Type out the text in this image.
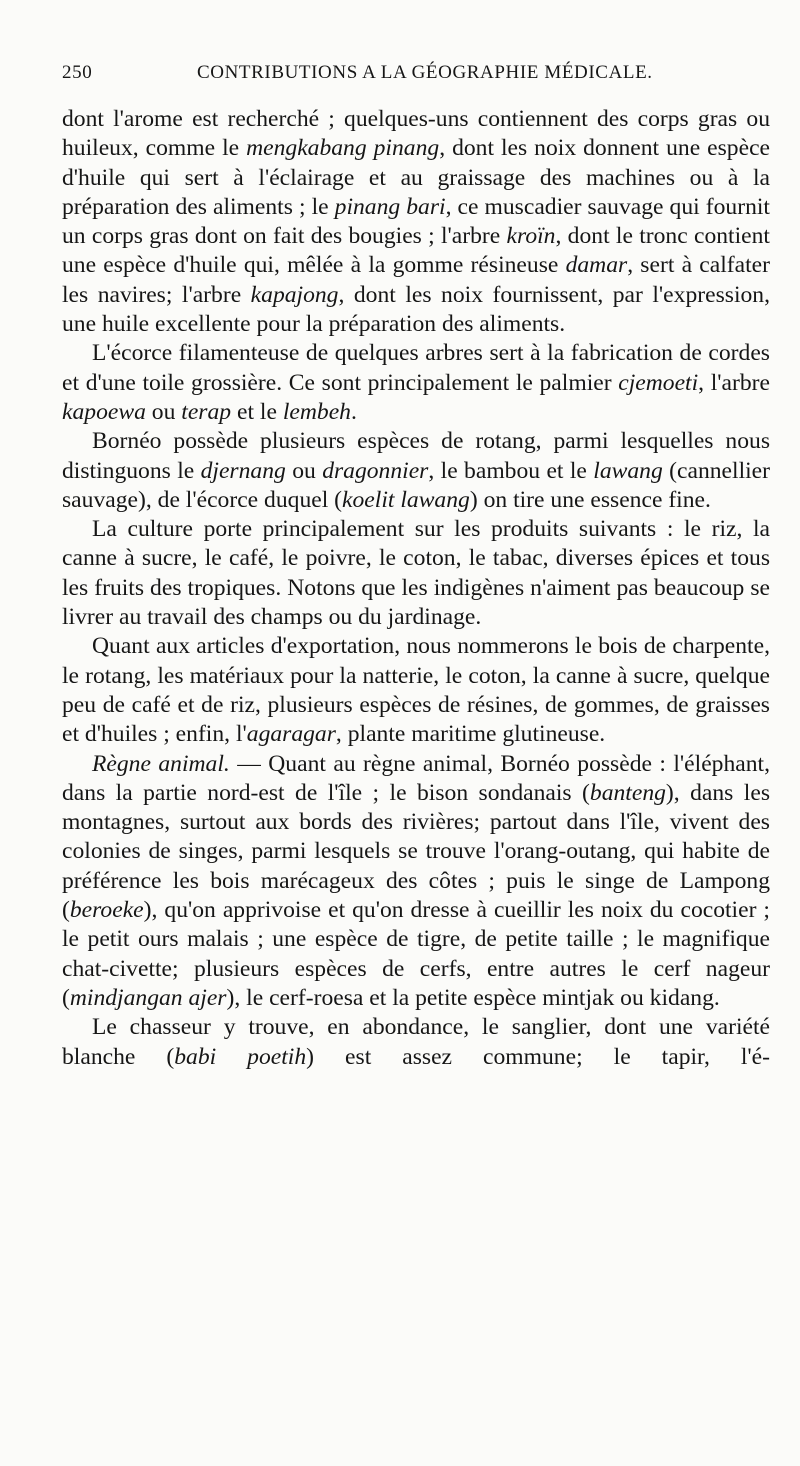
250	CONTRIBUTIONS A LA GÉOGRAPHIE MÉDICALE.

dont l'arome est recherché ; quelques-uns contiennent des corps gras ou huileux, comme le mengkabang pinang, dont les noix donnent une espèce d'huile qui sert à l'éclairage et au graissage des machines ou à la préparation des aliments ; le pinang bari, ce muscadier sauvage qui fournit un corps gras dont on fait des bougies ; l'arbre kroïn, dont le tronc contient une espèce d'huile qui, mêlée à la gomme résineuse damar, sert à calfater les navires; l'arbre kapajong, dont les noix fournissent, par l'expression, une huile excellente pour la préparation des aliments.

L'écorce filamenteuse de quelques arbres sert à la fabrication de cordes et d'une toile grossière. Ce sont principalement le palmier cjemoeti, l'arbre kapoewa ou terap et le lembeh.

Bornéo possède plusieurs espèces de rotang, parmi lesquelles nous distinguons le djernang ou dragonnier, le bambou et le lawang (cannellier sauvage), de l'écorce duquel (koelit lawang) on tire une essence fine.

La culture porte principalement sur les produits suivants : le riz, la canne à sucre, le café, le poivre, le coton, le tabac, diverses épices et tous les fruits des tropiques. Notons que les indigènes n'aiment pas beaucoup se livrer au travail des champs ou du jardinage.

Quant aux articles d'exportation, nous nommerons le bois de charpente, le rotang, les matériaux pour la natterie, le coton, la canne à sucre, quelque peu de café et de riz, plusieurs espèces de résines, de gommes, de graisses et d'huiles ; enfin, l'agaragar, plante maritime glutineuse.

Règne animal. — Quant au règne animal, Bornéo possède : l'éléphant, dans la partie nord-est de l'île ; le bison sondanais (banteng), dans les montagnes, surtout aux bords des rivières; partout dans l'île, vivent des colonies de singes, parmi lesquels se trouve l'orang-outang, qui habite de préférence les bois marécageux des côtes ; puis le singe de Lampong (beroeke), qu'on apprivoise et qu'on dresse à cueillir les noix du cocotier ; le petit ours malais ; une espèce de tigre, de petite taille ; le magnifique chat-civette; plusieurs espèces de cerfs, entre autres le cerf nageur (mindjangan ajer), le cerf-roesa et la petite espèce mintjak ou kidang.

Le chasseur y trouve, en abondance, le sanglier, dont une variété blanche (babi poetih) est assez commune; le tapir, l'é-
